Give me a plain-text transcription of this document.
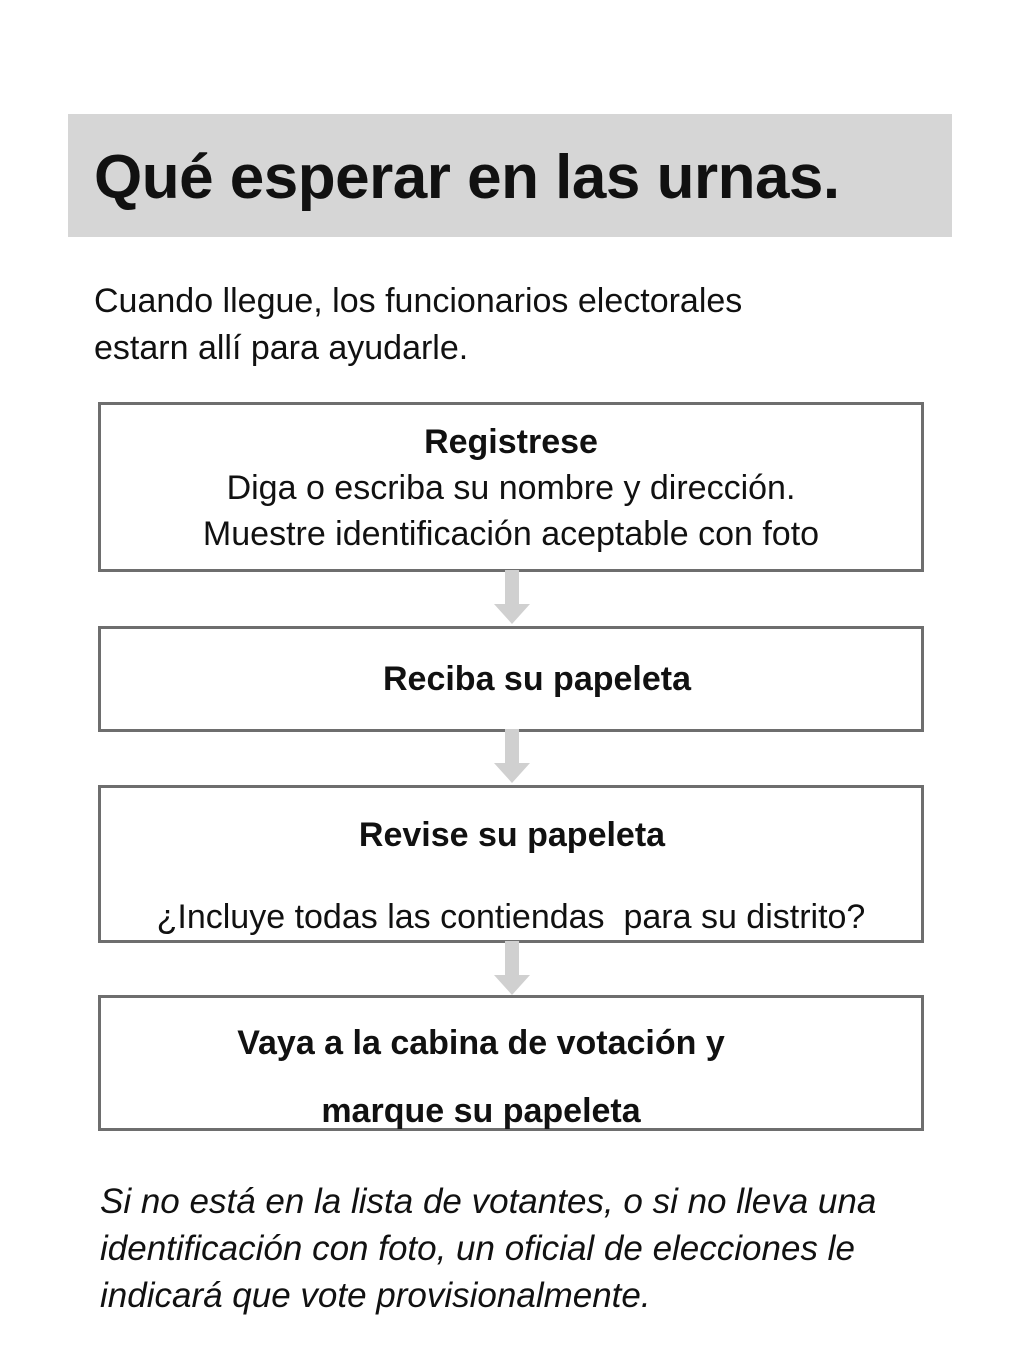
Qué esperar en las urnas.
Cuando llegue, los funcionarios electorales
estarn allí para ayudarle.
Registrese
Diga o escriba su nombre y dirección.
Muestre identificación aceptable con foto
Reciba su papeleta
Revise su papeleta
¿Incluye todas las contiendas  para su distrito?
Vaya a la cabina de votación y
marque su papeleta
Si no está en la lista de votantes, o si no lleva una
identificación con foto, un oficial de elecciones le
indicará que vote provisionalmente.
